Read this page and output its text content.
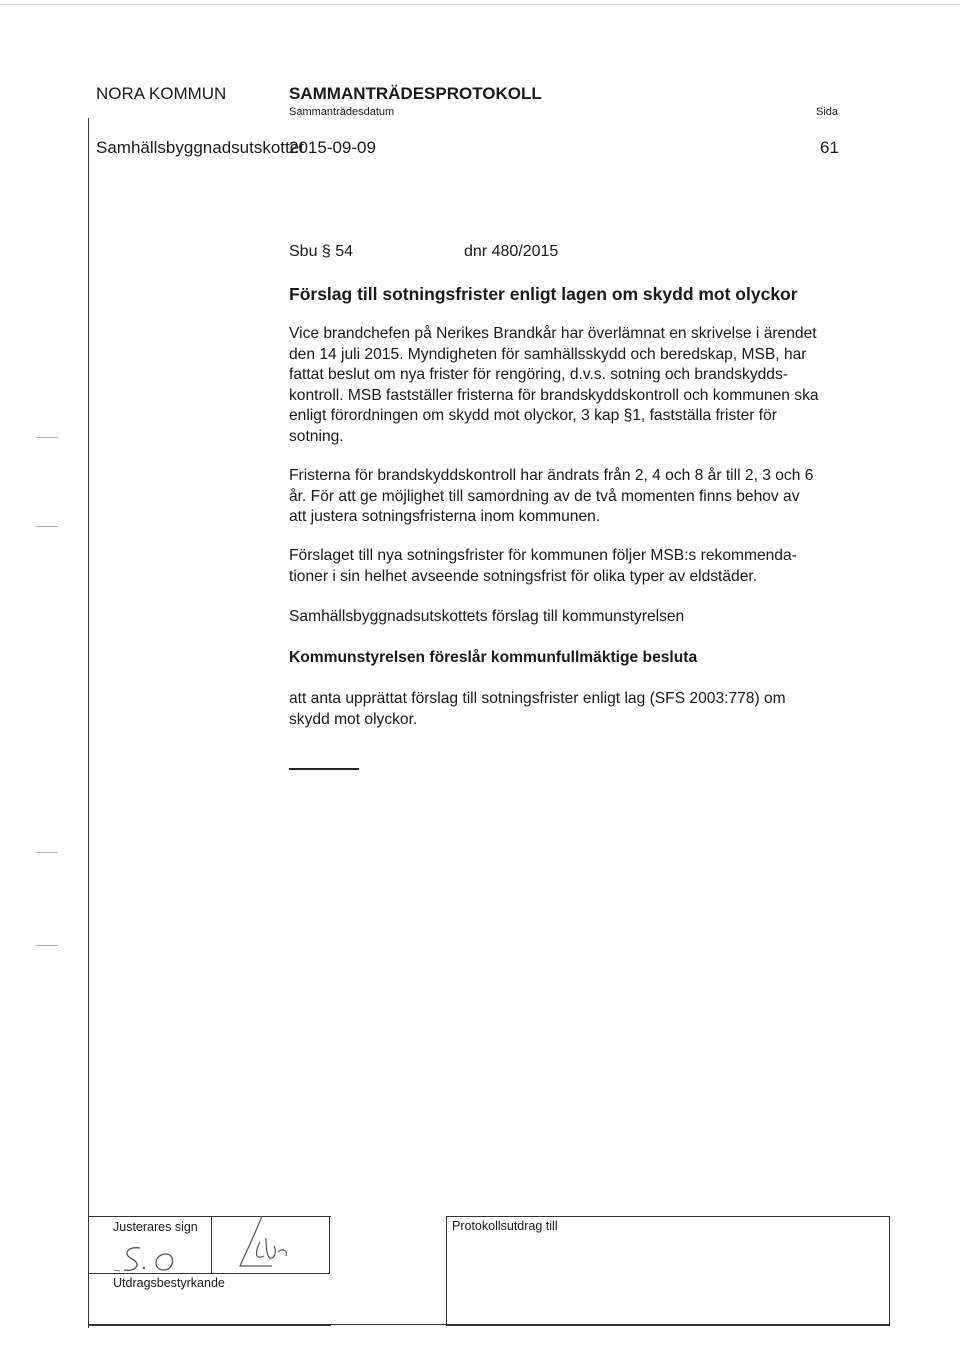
NORA KOMMUN	SAMMANTRÄDESPROTOKOLL
Sammanträdesdatum	Sida
Samhällsbyggnadsutskottet
2015-09-09	61
Sbu § 54	dnr 480/2015
Förslag till sotningsfrister enligt lagen om skydd mot olyckor
Vice brandchefen på Nerikes Brandkår har överlämnat en skrivelse i ärendet
den 14 juli 2015. Myndigheten för samhällsskydd och beredskap, MSB, har
fattat beslut om nya frister för rengöring, d.v.s. sotning och brandskydds-
kontroll. MSB fastställer fristerna för brandskyddskontroll och kommunen ska
enligt förordningen om skydd mot olyckor, 3 kap §1, fastställa frister för
sotning.
Fristerna för brandskyddskontroll har ändrats från 2, 4 och 8 år till 2, 3 och 6
år. För att ge möjlighet till samordning av de två momenten finns behov av
att justera sotningsfristerna inom kommunen.
Förslaget till nya sotningsfrister för kommunen följer MSB:s rekommenda-
tioner i sin helhet avseende sotningsfrist för olika typer av eldstäder.
Samhällsbyggnadsutskottets förslag till kommunstyrelsen
Kommunstyrelsen föreslår kommunfullmäktige besluta
att anta upprättat förslag till sotningsfrister enligt lag (SFS 2003:778) om
skydd mot olyckor.
Justerares sign
Utdragsbestyrkande
Protokollsutdrag till
